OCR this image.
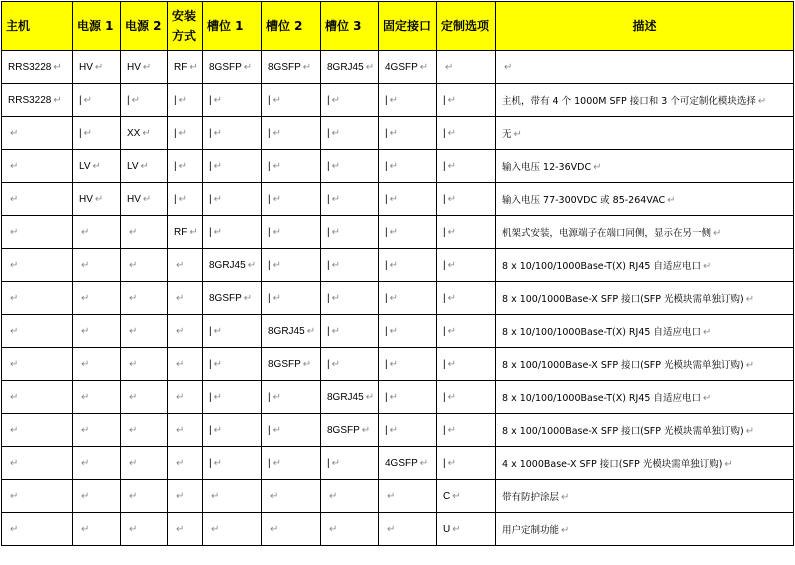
主机	电源 1	电源 2	安装方式	槽位 1	槽位 2	槽位 3	固定接口	定制选项	描述
RRS3228 ↵	HV ↵	HV ↵	RF ↵	8GSFP ↵	8GSFP ↵	8GRJ45 ↵	4GSFP ↵	↵	↵
RRS3228 ↵	| ↵	| ↵	| ↵	| ↵	| ↵	| ↵	| ↵	| ↵	主机，带有 4 个 1000M SFP 接口和 3 个可定制化模块选择 ↵
↵	| ↵	XX ↵	| ↵	| ↵	| ↵	| ↵	| ↵	| ↵	无 ↵
↵	LV ↵	LV ↵	| ↵	| ↵	| ↵	| ↵	| ↵	| ↵	输入电压 12-36VDC ↵
↵	HV ↵	HV ↵	| ↵	| ↵	| ↵	| ↵	| ↵	| ↵	输入电压 77-300VDC 或 85-264VAC ↵
↵	↵	↵	RF ↵	| ↵	| ↵	| ↵	| ↵	| ↵	机架式安装，电源端子在端口同侧，显示在另一侧 ↵
↵	↵	↵	↵	8GRJ45 ↵	| ↵	| ↵	| ↵	| ↵	8 x 10/100/1000Base-T(X) RJ45 自适应电口 ↵
↵	↵	↵	↵	8GSFP ↵	| ↵	| ↵	| ↵	| ↵	8 x 100/1000Base-X SFP 接口(SFP 光模块需单独订购) ↵
↵	↵	↵	↵	| ↵	8GRJ45 ↵	| ↵	| ↵	| ↵	8 x 10/100/1000Base-T(X) RJ45 自适应电口 ↵
↵	↵	↵	↵	| ↵	8GSFP ↵	| ↵	| ↵	| ↵	8 x 100/1000Base-X SFP 接口(SFP 光模块需单独订购) ↵
↵	↵	↵	↵	| ↵	| ↵	8GRJ45 ↵	| ↵	| ↵	8 x 10/100/1000Base-T(X) RJ45 自适应电口 ↵
↵	↵	↵	↵	| ↵	| ↵	8GSFP ↵	| ↵	| ↵	8 x 100/1000Base-X SFP 接口(SFP 光模块需单独订购) ↵
↵	↵	↵	↵	| ↵	| ↵	| ↵	4GSFP ↵	| ↵	4 x 1000Base-X SFP 接口(SFP 光模块需单独订购) ↵
↵	↵	↵	↵	↵	↵	↵	↵	C ↵	带有防护涂层 ↵
↵	↵	↵	↵	↵	↵	↵	↵	U ↵	用户定制功能 ↵
